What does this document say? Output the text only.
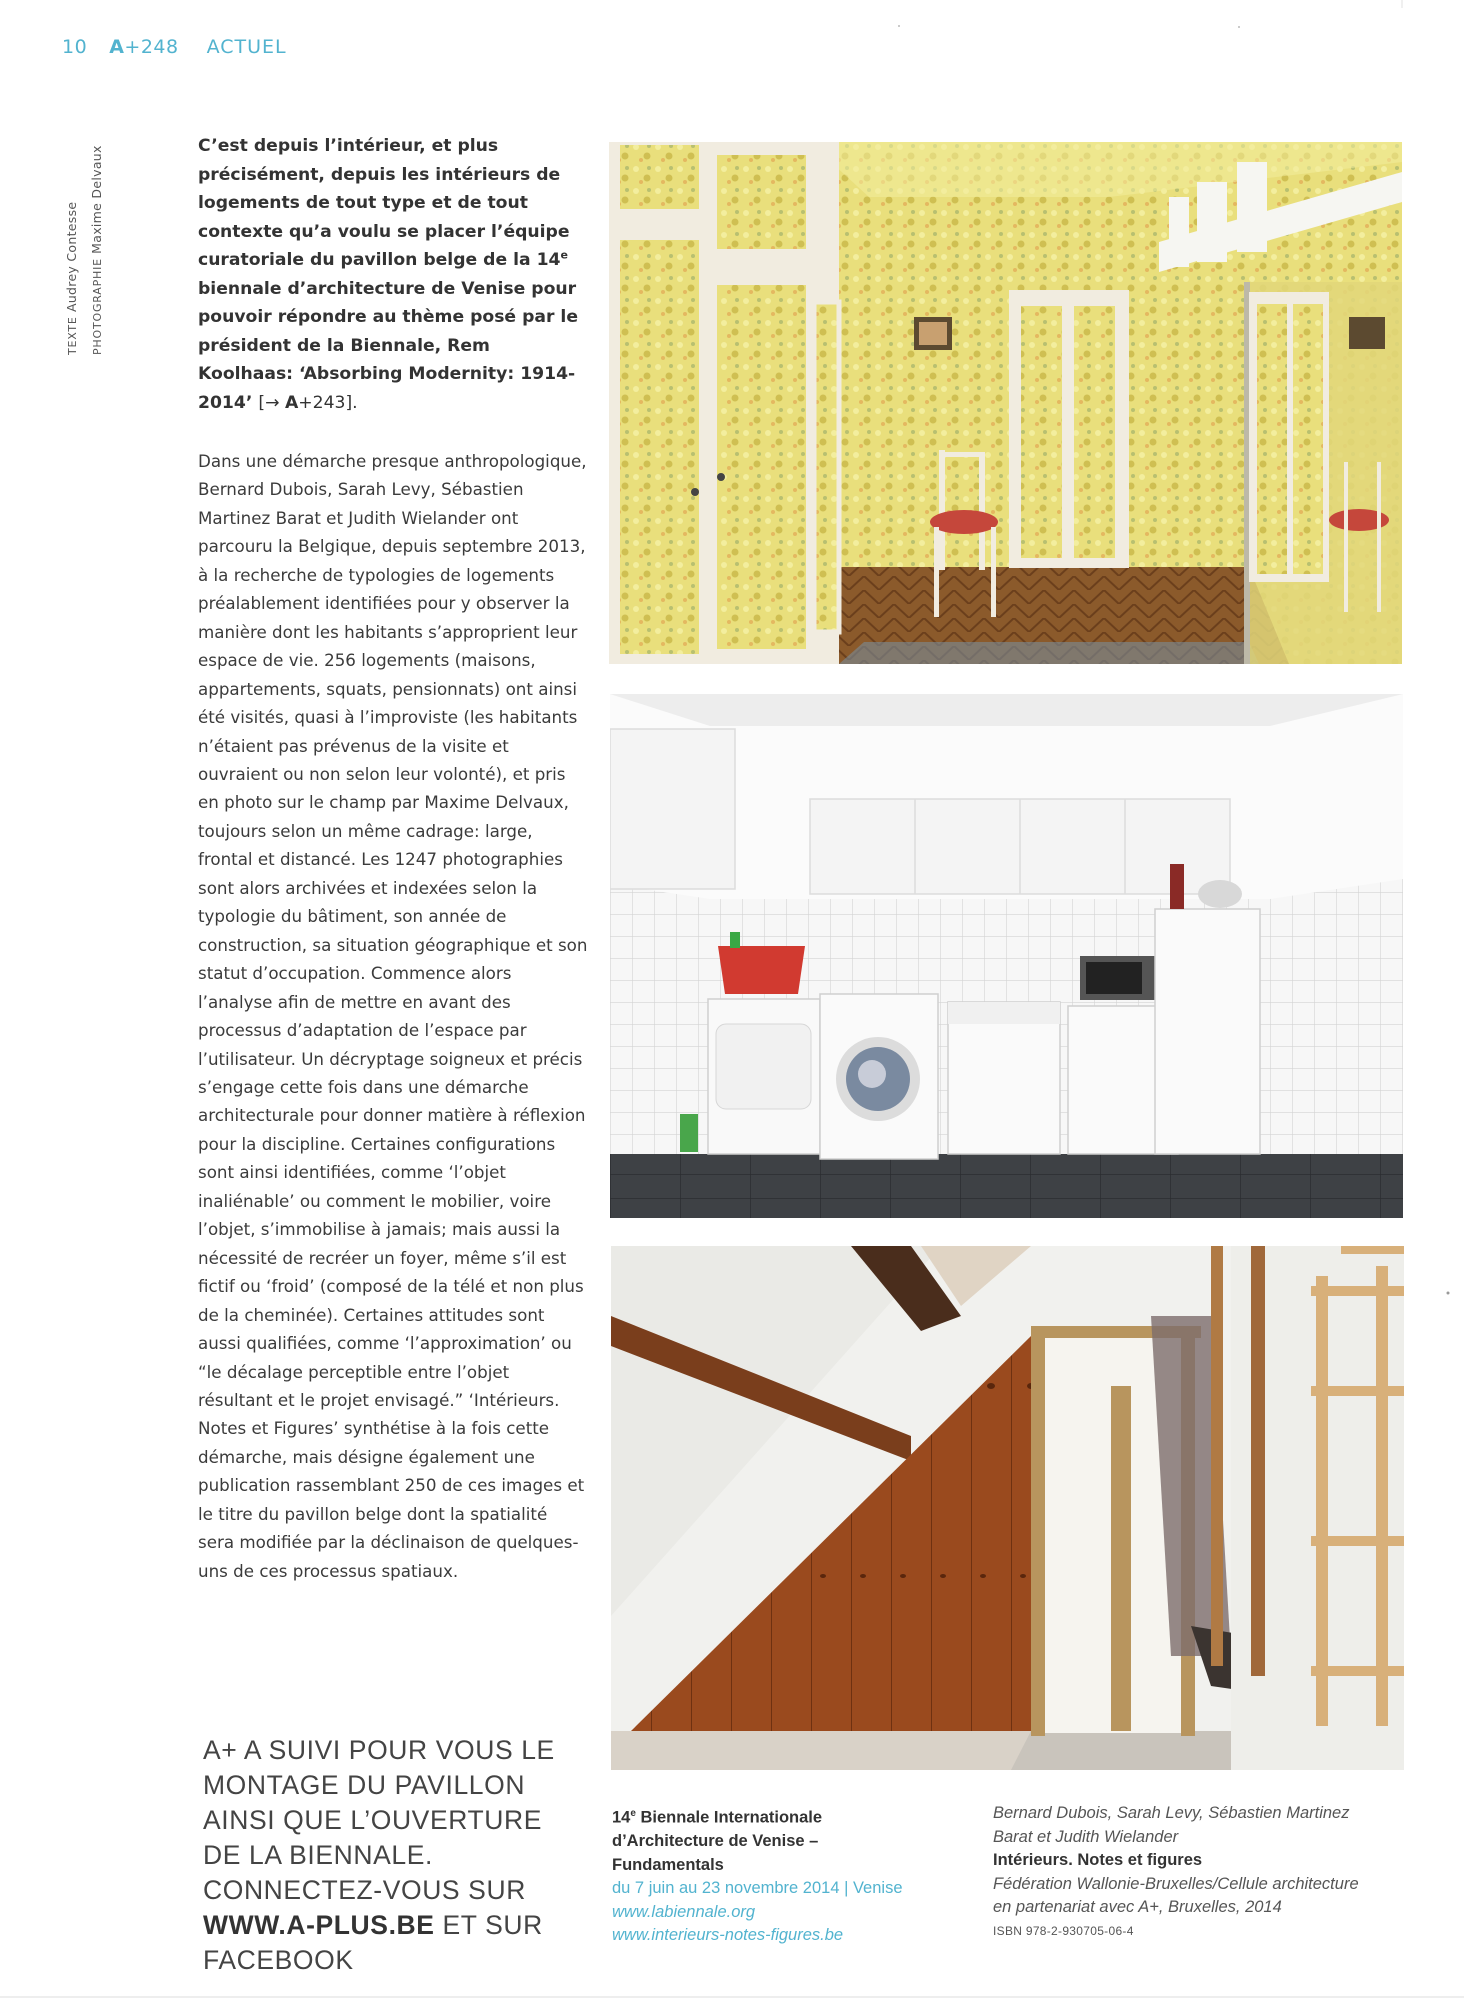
10 A+248 ACTUEL
TEXTE Audrey Contesse	PHOTOGRAPHIE Maxime Delvaux	C’est depuis l’intérieur, et plus précisément, depuis les intérieurs de logements de tout type et de tout contexte qu’a voulu se placer l’équipe curatoriale du pavillon belge de la 14e biennale d’architecture de Venise pour pouvoir répondre au thème posé par le président de la Biennale, Rem Koolhaas: ‘Absorbing Modernity: 1914-2014’ [→ A+243].

Dans une démarche presque anthropologique, Bernard Dubois, Sarah Levy, Sébastien Martinez Barat et Judith Wielander ont parcouru la Belgique, depuis septembre 2013, à la recherche de typologies de logements préalablement identifiées pour y observer la manière dont les habitants s’approprient leur espace de vie. 256 logements (maisons, appartements, squats, pensionnats) ont ainsi été visités, quasi à l’improviste (les habitants n’étaient pas prévenus de la visite et ouvraient ou non selon leur volonté), et pris en photo sur le champ par Maxime Delvaux, toujours selon un même cadrage: large, frontal et distancé. Les 1247 photographies sont alors archivées et indexées selon la typologie du bâtiment, son année de construction, sa situation géographique et son statut d’occupation. Commence alors l’analyse afin de mettre en avant des processus d’adaptation de l’espace par l’utilisateur. Un décryptage soigneux et précis s’engage cette fois dans une démarche architecturale pour donner matière à réflexion pour la discipline. Certaines configurations sont ainsi identifiées, comme ‘l’objet inaliénable’ ou comment le mobilier, voire l’objet, s’immobilise à jamais; mais aussi la nécessité de recréer un foyer, même s’il est fictif ou ‘froid’ (composé de la télé et non plus de la cheminée). Certaines attitudes sont aussi qualifiées, comme ‘l’approximation’ ou “le décalage perceptible entre l’objet résultant et le projet envisagé.” ‘Intérieurs. Notes et Figures’ synthétise à la fois cette démarche, mais désigne également une publication rassemblant 250 de ces images et le titre du pavillon belge dont la spatialité sera modifiée par la déclinaison de quelques-uns de ces processus spatiaux.

A+ A SUIVI POUR VOUS LE MONTAGE DU PAVILLON AINSI QUE L’OUVERTURE DE LA BIENNALE. CONNECTEZ-VOUS SUR WWW.A-PLUS.BE ET SUR FACEBOOK
14e Biennale Internationale d’Architecture de Venise – Fundamentals
du 7 juin au 23 novembre 2014 | Venise
www.labiennale.org
www.interieurs-notes-figures.be
Bernard Dubois, Sarah Levy, Sébastien Martinez Barat et Judith Wielander
Intérieurs. Notes et figures
Fédération Wallonie-Bruxelles/Cellule architecture en partenariat avec A+, Bruxelles, 2014
ISBN 978-2-930705-06-4
